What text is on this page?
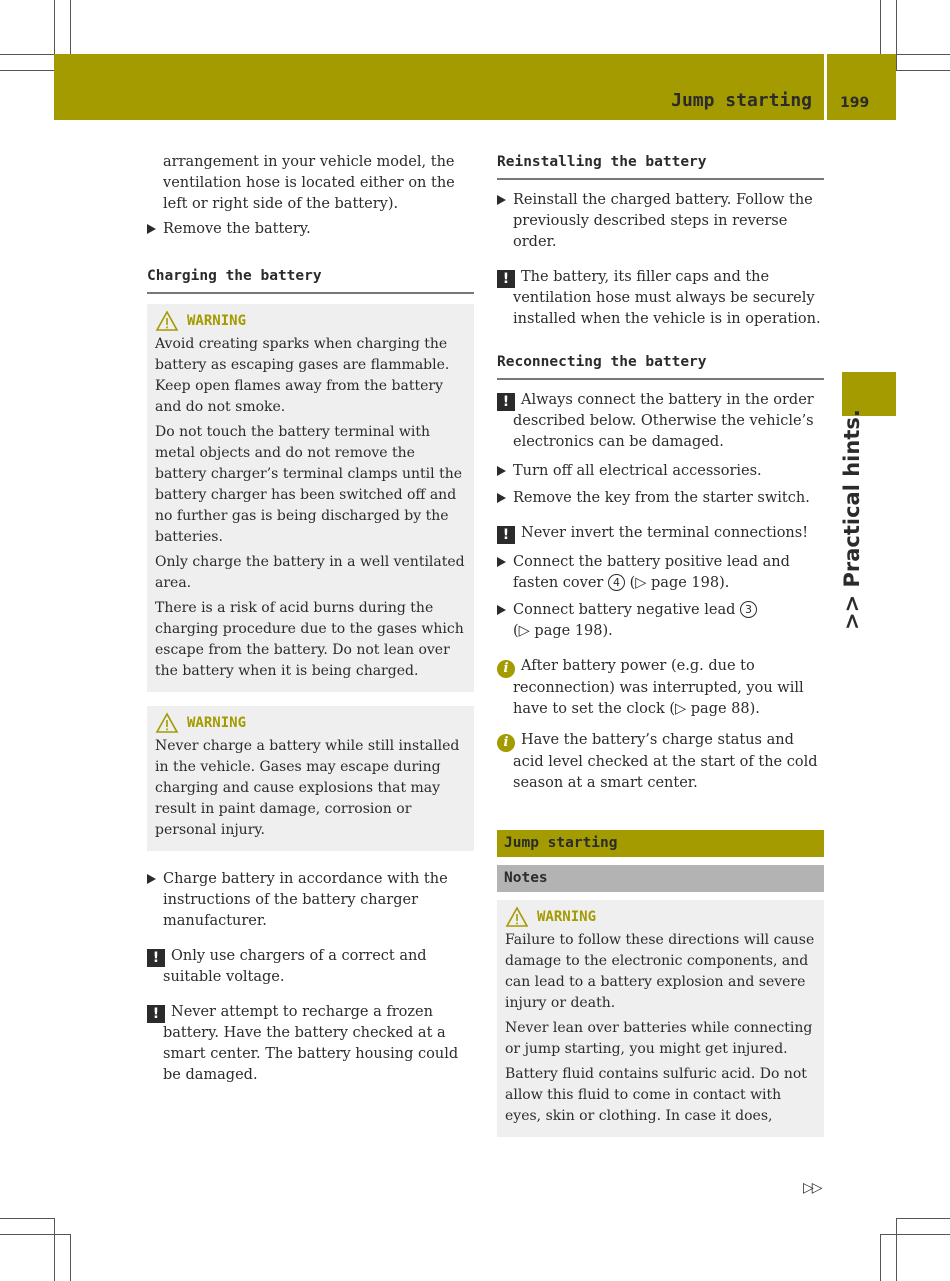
Jump starting 199
>> Practical hints.

arrangement in your vehicle model, the ventilation hose is located either on the left or right side of the battery).

Remove the battery.
Charging the battery
WARNING

Avoid creating sparks when charging the battery as escaping gases are flammable. Keep open flames away from the battery and do not smoke.

Do not touch the battery terminal with metal objects and do not remove the battery charger’s terminal clamps until the battery charger has been switched off and no further gas is being discharged by the batteries.

Only charge the battery in a well ventilated area.

There is a risk of acid burns during the charging procedure due to the gases which escape from the battery. Do not lean over the battery when it is being charged.

WARNING

Never charge a battery while still installed in the vehicle. Gases may escape during charging and cause explosions that may result in paint damage, corrosion or personal injury.

Charge battery in accordance with the instructions of the battery charger manufacturer.
! Only use chargers of a correct and suitable voltage.
! Never attempt to recharge a frozen battery. Have the battery checked at a smart center. The battery housing could be damaged.
Reinstalling the battery
Reinstall the charged battery. Follow the previously described steps in reverse order.
! The battery, its filler caps and the ventilation hose must always be securely installed when the vehicle is in operation.
Reconnecting the battery
! Always connect the battery in the order described below. Otherwise the vehicle’s electronics can be damaged.
Turn off all electrical accessories.
Remove the key from the starter switch.
! Never invert the terminal connections!
Connect the battery positive lead and fasten cover 4 (▷ page 198).
Connect battery negative lead 3
(▷ page 198).
i After battery power (e.g. due to reconnection) was interrupted, you will have to set the clock (▷ page 88).
i Have the battery’s charge status and acid level checked at the start of the cold season at a smart center.
Jump starting
Notes
WARNING

Failure to follow these directions will cause damage to the electronic components, and can lead to a battery explosion and severe injury or death.

Never lean over batteries while connecting or jump starting, you might get injured.

Battery fluid contains sulfuric acid. Do not allow this fluid to come in contact with eyes, skin or clothing. In case it does,

▷▷
